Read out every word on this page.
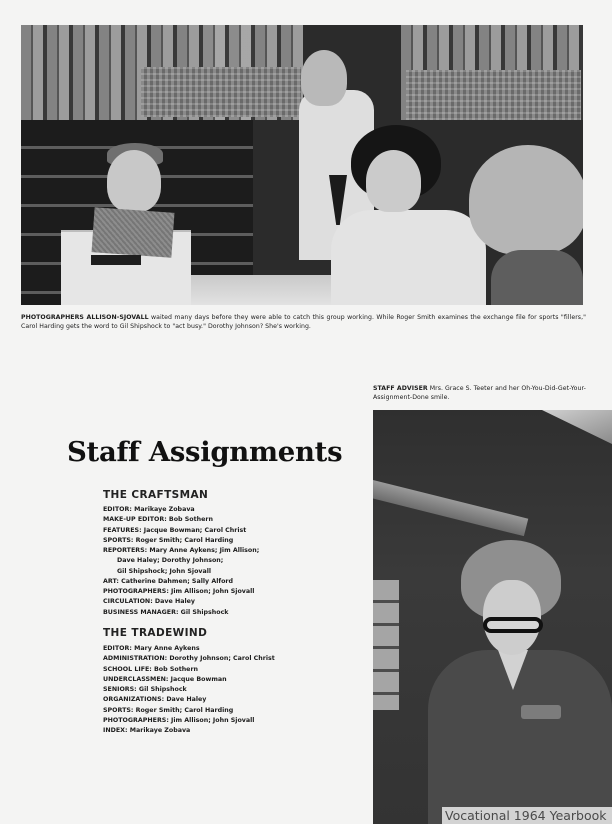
PHOTOGRAPHERS ALLISON-SJOVALL waited many days before they were able to catch this group working. While Roger Smith examines the exchange file for sports "fillers," Carol Harding gets the word to Gil Shipshock to "act busy." Dorothy Johnson? She's working.

STAFF ADVISER Mrs. Grace S. Teeter and her Oh-You-Did-Get-Your-Assignment-Done smile.

Staff Assignments
THE CRAFTSMAN
EDITOR: Marikaye Zobava
MAKE-UP EDITOR: Bob Sothern
FEATURES: Jacque Bowman; Carol Christ
SPORTS: Roger Smith; Carol Harding
REPORTERS: Mary Anne Aykens; Jim Allison;
Dave Haley; Dorothy Johnson;
Gil Shipshock; John Sjovall
ART: Catherine Dahmen; Sally Alford
PHOTOGRAPHERS: Jim Allison; John Sjovall
CIRCULATION: Dave Haley
BUSINESS MANAGER: Gil Shipshock
THE TRADEWIND
EDITOR: Mary Anne Aykens
ADMINISTRATION: Dorothy Johnson; Carol Christ
SCHOOL LIFE: Bob Sothern
UNDERCLASSMEN: Jacque Bowman
SENIORS: Gil Shipshock
ORGANIZATIONS: Dave Haley
SPORTS: Roger Smith; Carol Harding
PHOTOGRAPHERS: Jim Allison; John Sjovall
INDEX: Marikaye Zobava
Vocational 1964 Yearbook
